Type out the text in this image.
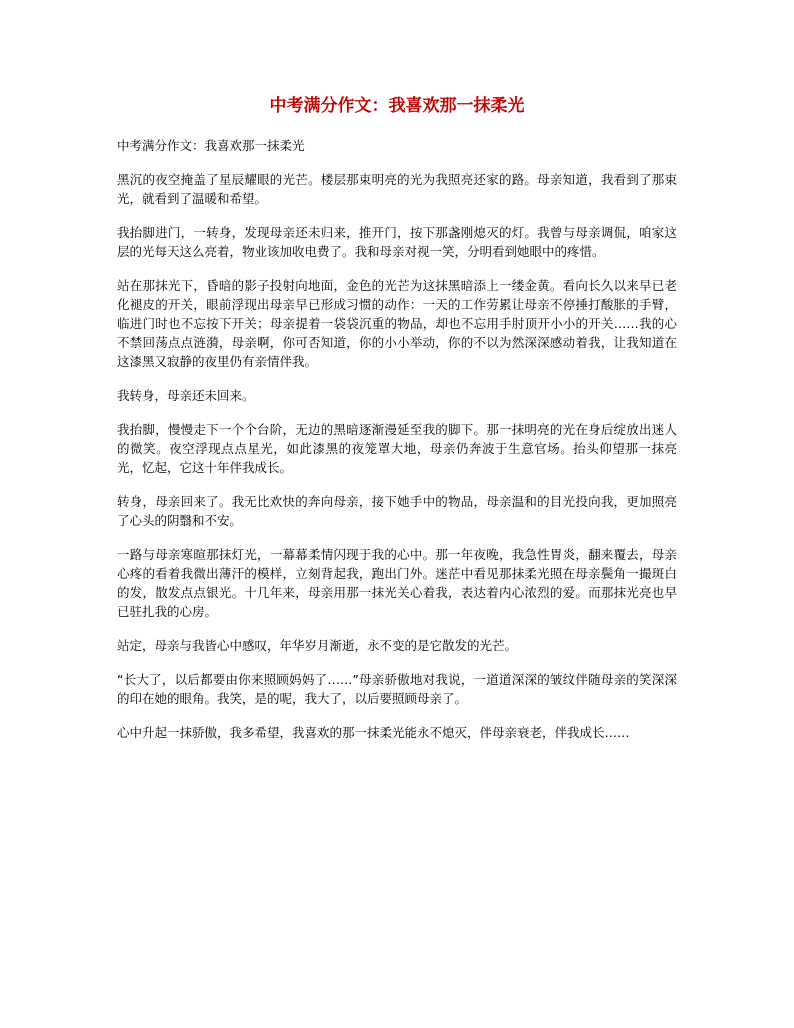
中考满分作文：我喜欢那一抹柔光

中考满分作文：我喜欢那一抹柔光

黑沉的夜空掩盖了星辰耀眼的光芒。楼层那束明亮的光为我照亮还家的路。母亲知道，我看到了那束光，就看到了温暖和希望。

我抬脚进门，一转身，发现母亲还未归来，推开门，按下那盏刚熄灭的灯。我曾与母亲调侃，咱家这层的光每天这么亮着，物业该加收电费了。我和母亲对视一笑，分明看到她眼中的疼惜。

站在那抹光下，昏暗的影子投射向地面，金色的光芒为这抹黑暗添上一缕金黄。看向长久以来早已老化褪皮的开关，眼前浮现出母亲早已形成习惯的动作：一天的工作劳累让母亲不停捶打酸胀的手臂，临进门时也不忘按下开关；母亲提着一袋袋沉重的物品，却也不忘用手肘顶开小小的开关……我的心不禁回荡点点涟漪，母亲啊，你可否知道，你的小小举动，你的不以为然深深感动着我，让我知道在这漆黑又寂静的夜里仍有亲情伴我。

我转身，母亲还未回来。

我抬脚，慢慢走下一个个台阶，无边的黑暗逐渐漫延至我的脚下。那一抹明亮的光在身后绽放出迷人的微笑。夜空浮现点点星光，如此漆黑的夜笼罩大地，母亲仍奔波于生意官场。抬头仰望那一抹亮光，忆起，它这十年伴我成长。

转身，母亲回来了。我无比欢快的奔向母亲，接下她手中的物品，母亲温和的目光投向我，更加照亮了心头的阴翳和不安。

一路与母亲寒暄那抹灯光，一幕幕柔情闪现于我的心中。那一年夜晚，我急性胃炎，翻来覆去，母亲心疼的看着我微出薄汗的模样，立刻背起我，跑出门外。迷茫中看见那抹柔光照在母亲鬓角一撮斑白的发，散发点点银光。十几年来，母亲用那一抹光关心着我，表达着内心浓烈的爱。而那抹光亮也早已驻扎我的心房。

站定，母亲与我皆心中感叹，年华岁月渐逝，永不变的是它散发的光芒。

“长大了，以后都要由你来照顾妈妈了……”母亲骄傲地对我说，一道道深深的皱纹伴随母亲的笑深深的印在她的眼角。我笑，是的呢，我大了，以后要照顾母亲了。

心中升起一抹骄傲，我多希望，我喜欢的那一抹柔光能永不熄灭，伴母亲衰老，伴我成长……
